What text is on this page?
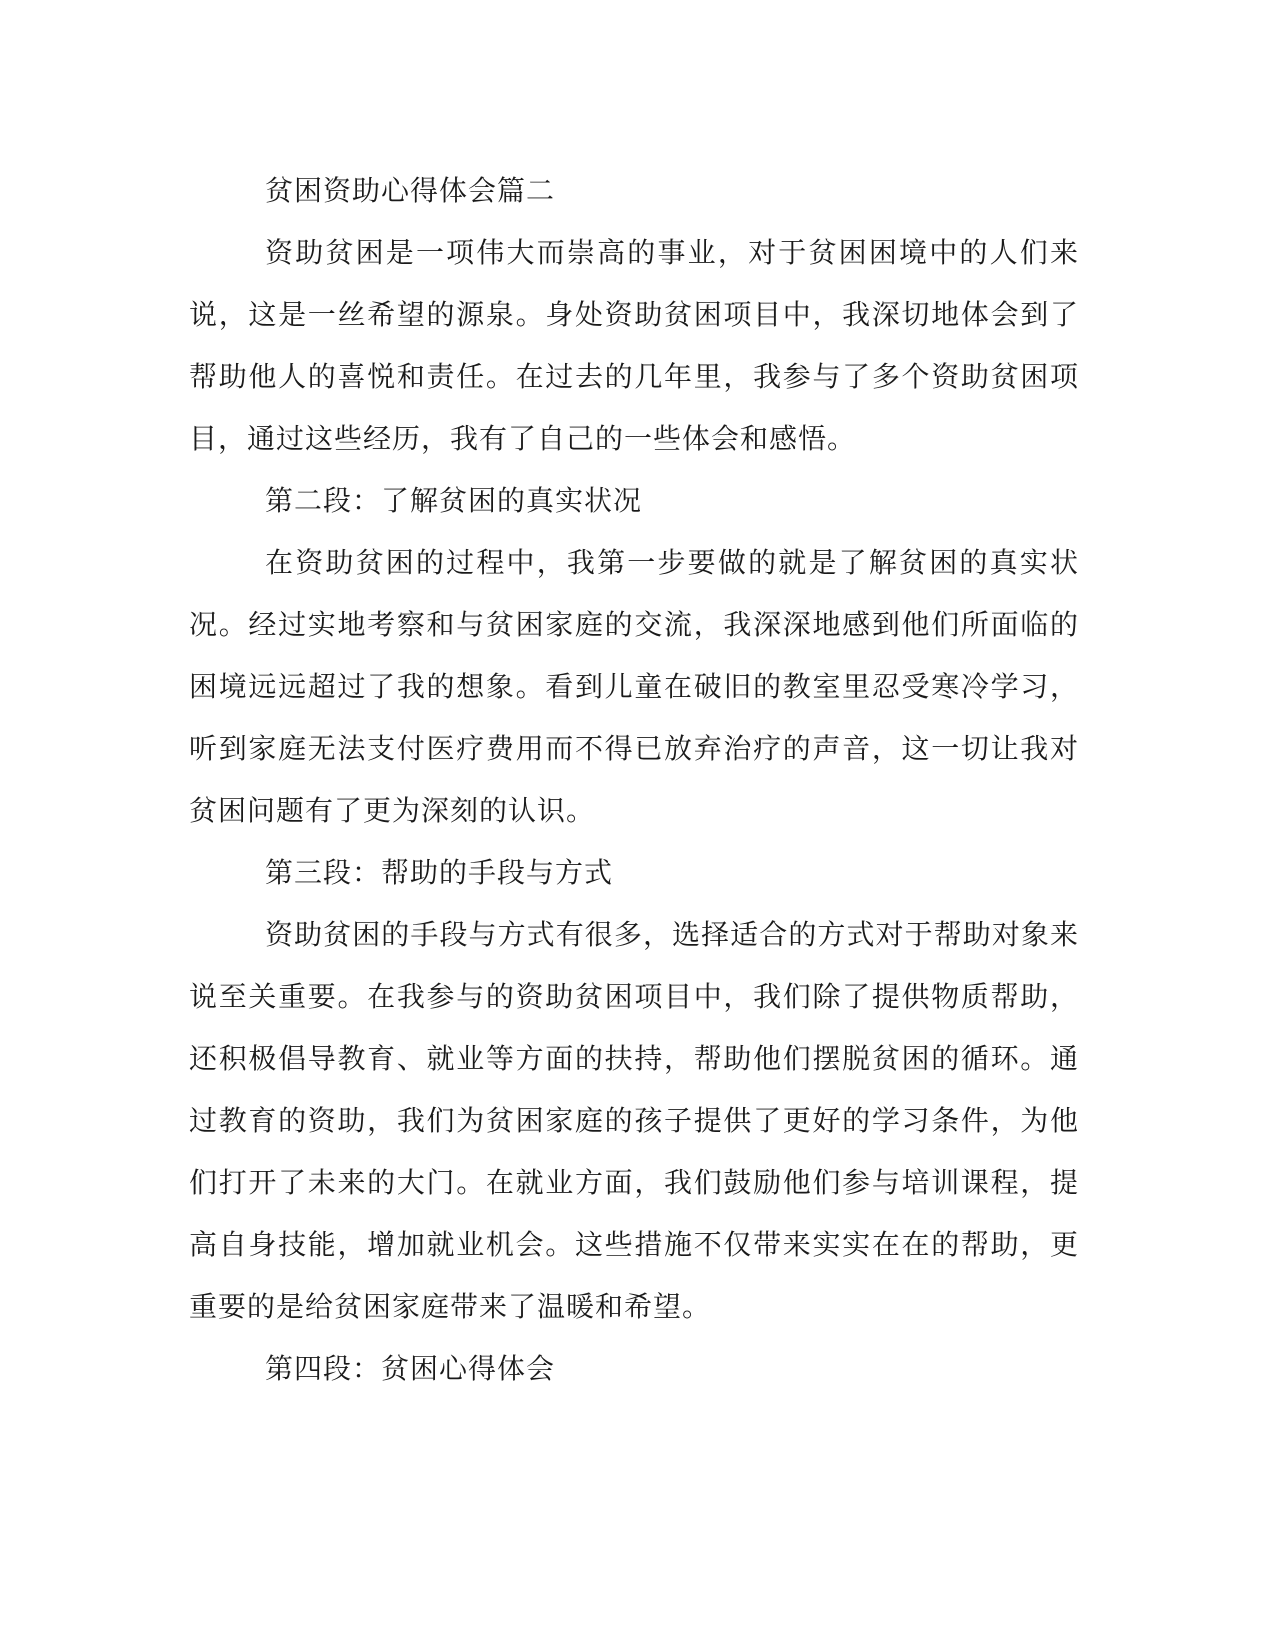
贫困资助心得体会篇二

资助贫困是一项伟大而崇高的事业，对于贫困困境中的人们来说，这是一丝希望的源泉。身处资助贫困项目中，我深切地体会到了帮助他人的喜悦和责任。在过去的几年里，我参与了多个资助贫困项目，通过这些经历，我有了自己的一些体会和感悟。

第二段：了解贫困的真实状况

在资助贫困的过程中，我第一步要做的就是了解贫困的真实状况。经过实地考察和与贫困家庭的交流，我深深地感到他们所面临的困境远远超过了我的想象。看到儿童在破旧的教室里忍受寒冷学习，听到家庭无法支付医疗费用而不得已放弃治疗的声音，这一切让我对贫困问题有了更为深刻的认识。

第三段：帮助的手段与方式

资助贫困的手段与方式有很多，选择适合的方式对于帮助对象来说至关重要。在我参与的资助贫困项目中，我们除了提供物质帮助，还积极倡导教育、就业等方面的扶持，帮助他们摆脱贫困的循环。通过教育的资助，我们为贫困家庭的孩子提供了更好的学习条件，为他们打开了未来的大门。在就业方面，我们鼓励他们参与培训课程，提高自身技能，增加就业机会。这些措施不仅带来实实在在的帮助，更重要的是给贫困家庭带来了温暖和希望。

第四段：贫困心得体会
